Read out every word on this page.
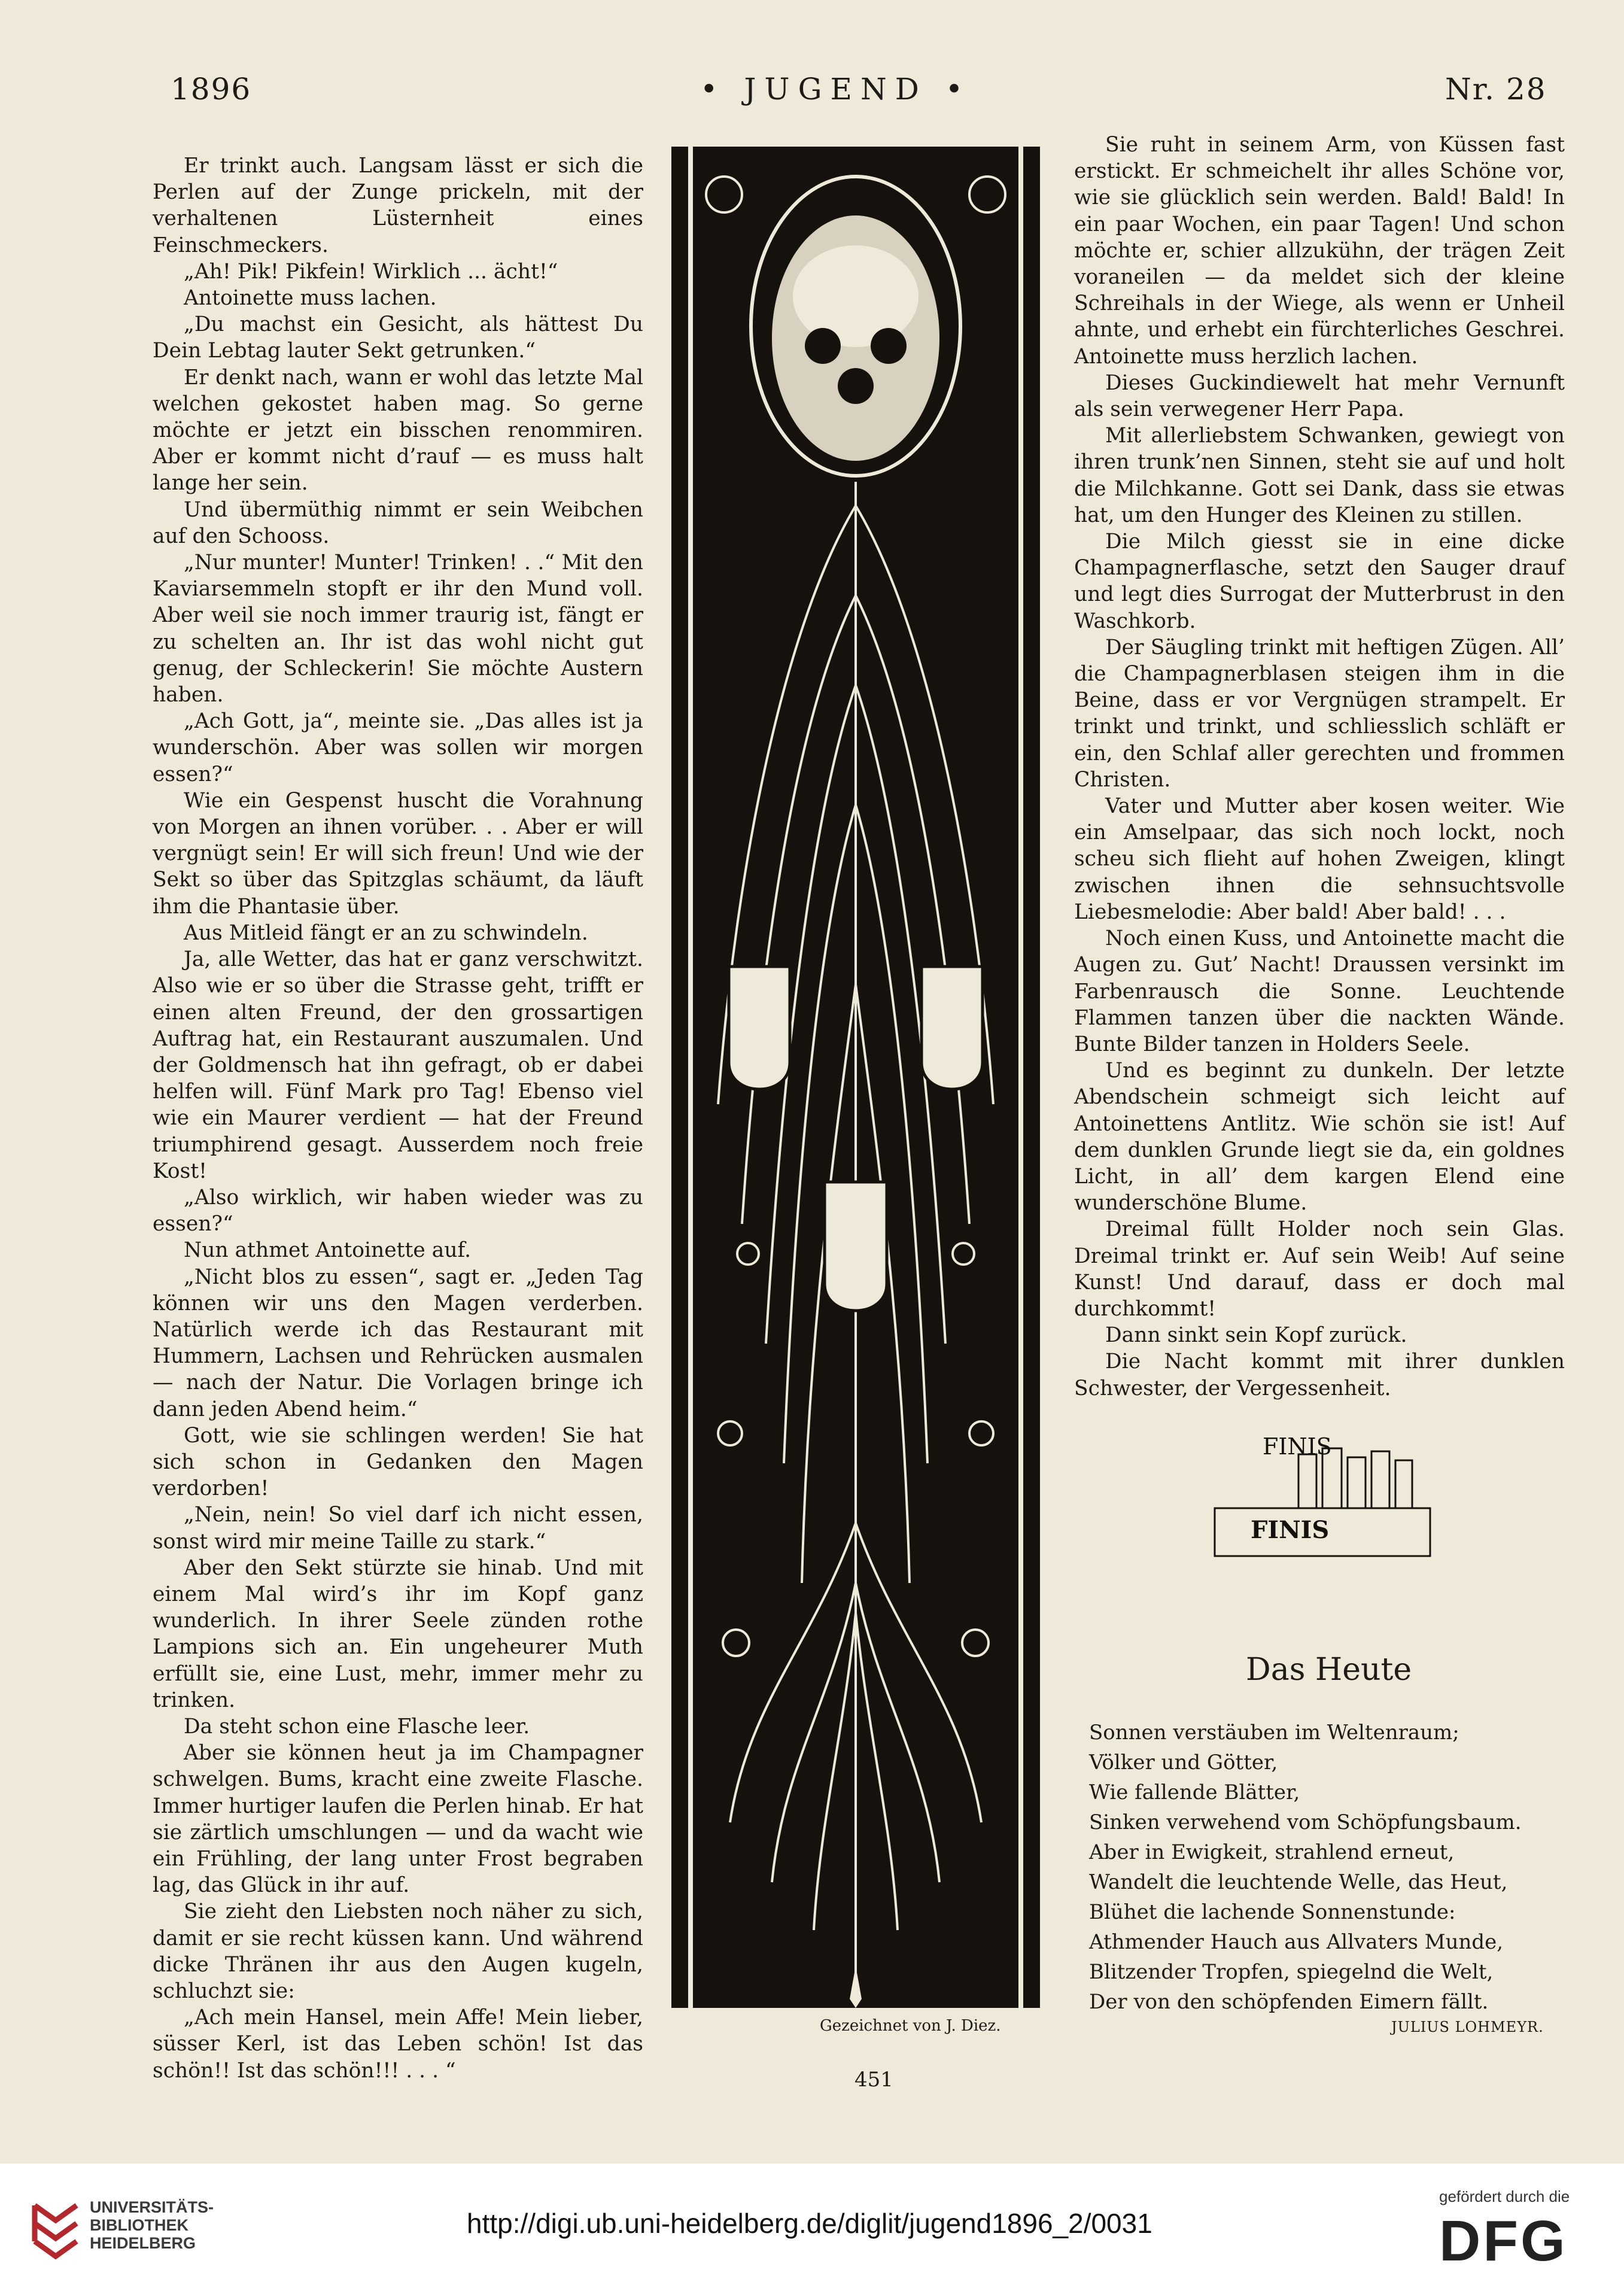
1896	• JUGEND •	Nr. 28

Er trinkt auch. Langsam lässt er sich die Perlen auf der Zunge prickeln, mit der verhaltenen Lüsternheit eines Feinschmeckers.

„Ah! Pik! Pikfein! Wirklich ... ächt!“

Antoinette muss lachen.

„Du machst ein Gesicht, als hättest Du Dein Lebtag lauter Sekt getrunken.“

Er denkt nach, wann er wohl das letzte Mal welchen gekostet haben mag. So gerne möchte er jetzt ein bisschen renommiren. Aber er kommt nicht d’rauf — es muss halt lange her sein.

Und übermüthig nimmt er sein Weibchen auf den Schooss.

„Nur munter! Munter! Trinken! . .“ Mit den Kaviarsemmeln stopft er ihr den Mund voll. Aber weil sie noch immer traurig ist, fängt er zu schelten an. Ihr ist das wohl nicht gut genug, der Schleckerin! Sie möchte Austern haben.

„Ach Gott, ja“, meinte sie. „Das alles ist ja wunderschön. Aber was sollen wir morgen essen?“

Wie ein Gespenst huscht die Vorahnung von Morgen an ihnen vorüber. . . Aber er will vergnügt sein! Er will sich freun! Und wie der Sekt so über das Spitzglas schäumt, da läuft ihm die Phantasie über.

Aus Mitleid fängt er an zu schwindeln.

Ja, alle Wetter, das hat er ganz verschwitzt. Also wie er so über die Strasse geht, trifft er einen alten Freund, der den grossartigen Auftrag hat, ein Restaurant auszumalen. Und der Goldmensch hat ihn gefragt, ob er dabei helfen will. Fünf Mark pro Tag! Ebenso viel wie ein Maurer verdient — hat der Freund triumphirend gesagt. Ausserdem noch freie Kost!

„Also wirklich, wir haben wieder was zu essen?“

Nun athmet Antoinette auf.

„Nicht blos zu essen“, sagt er. „Jeden Tag können wir uns den Magen verderben. Natürlich werde ich das Restaurant mit Hummern, Lachsen und Rehrücken ausmalen — nach der Natur. Die Vorlagen bringe ich dann jeden Abend heim.“

Gott, wie sie schlingen werden! Sie hat sich schon in Gedanken den Magen verdorben!

„Nein, nein! So viel darf ich nicht essen, sonst wird mir meine Taille zu stark.“

Aber den Sekt stürzte sie hinab. Und mit einem Mal wird’s ihr im Kopf ganz wunderlich. In ihrer Seele zünden rothe Lampions sich an. Ein ungeheurer Muth erfüllt sie, eine Lust, mehr, immer mehr zu trinken.

Da steht schon eine Flasche leer.

Aber sie können heut ja im Champagner schwelgen. Bums, kracht eine zweite Flasche. Immer hurtiger laufen die Perlen hinab. Er hat sie zärtlich umschlungen — und da wacht wie ein Frühling, der lang unter Frost begraben lag, das Glück in ihr auf.

Sie zieht den Liebsten noch näher zu sich, damit er sie recht küssen kann. Und während dicke Thränen ihr aus den Augen kugeln, schluchzt sie:

„Ach mein Hansel, mein Affe! Mein lieber, süsser Kerl, ist das Leben schön! Ist das schön!! Ist das schön!!! . . . “

Gezeichnet von J. Diez.

Sie ruht in seinem Arm, von Küssen fast erstickt. Er schmeichelt ihr alles Schöne vor, wie sie glücklich sein werden. Bald! Bald! In ein paar Wochen, ein paar Tagen! Und schon möchte er, schier allzukühn, der trägen Zeit voraneilen — da meldet sich der kleine Schreihals in der Wiege, als wenn er Unheil ahnte, und erhebt ein fürchterliches Geschrei. Antoinette muss herzlich lachen.

Dieses Guckindiewelt hat mehr Vernunft als sein verwegener Herr Papa.

Mit allerliebstem Schwanken, gewiegt von ihren trunk’nen Sinnen, steht sie auf und holt die Milchkanne. Gott sei Dank, dass sie etwas hat, um den Hunger des Kleinen zu stillen.

Die Milch giesst sie in eine dicke Champagnerflasche, setzt den Sauger drauf und legt dies Surrogat der Mutterbrust in den Waschkorb.

Der Säugling trinkt mit heftigen Zügen. All’ die Champagnerblasen steigen ihm in die Beine, dass er vor Vergnügen strampelt. Er trinkt und trinkt, und schliesslich schläft er ein, den Schlaf aller gerechten und frommen Christen.

Vater und Mutter aber kosen weiter. Wie ein Amselpaar, das sich noch lockt, noch scheu sich flieht auf hohen Zweigen, klingt zwischen ihnen die sehnsuchtsvolle Liebesmelodie: Aber bald! Aber bald! . . .

Noch einen Kuss, und Antoinette macht die Augen zu. Gut’ Nacht! Draussen versinkt im Farbenrausch die Sonne. Leuchtende Flammen tanzen über die nackten Wände. Bunte Bilder tanzen in Holders Seele.

Und es beginnt zu dunkeln. Der letzte Abendschein schmeigt sich leicht auf Antoinettens Antlitz. Wie schön sie ist! Auf dem dunklen Grunde liegt sie da, ein goldnes Licht, in all’ dem kargen Elend eine wunderschöne Blume.

Dreimal füllt Holder noch sein Glas. Dreimal trinkt er. Auf sein Weib! Auf seine Kunst! Und darauf, dass er doch mal durchkommt!

Dann sinkt sein Kopf zurück.

Die Nacht kommt mit ihrer dunklen Schwester, der Vergessenheit.

FINIS
FINIS
Das Heute
Sonnen verstäuben im Weltenraum;
Völker und Götter,
Wie fallende Blätter,
Sinken verwehend vom Schöpfungsbaum.
Aber in Ewigkeit, strahlend erneut,
Wandelt die leuchtende Welle, das Heut,
Blühet die lachende Sonnenstunde:
Athmender Hauch aus Allvaters Munde,
Blitzender Tropfen, spiegelnd die Welt,
Der von den schöpfenden Eimern fällt.
JULIUS LOHMEYR.
451
UNIVERSITÄTS-
BIBLIOTHEK
HEIDELBERG
http://digi.ub.uni-heidelberg.de/diglit/jugend1896_2/0031
gefördert durch die
DFG
